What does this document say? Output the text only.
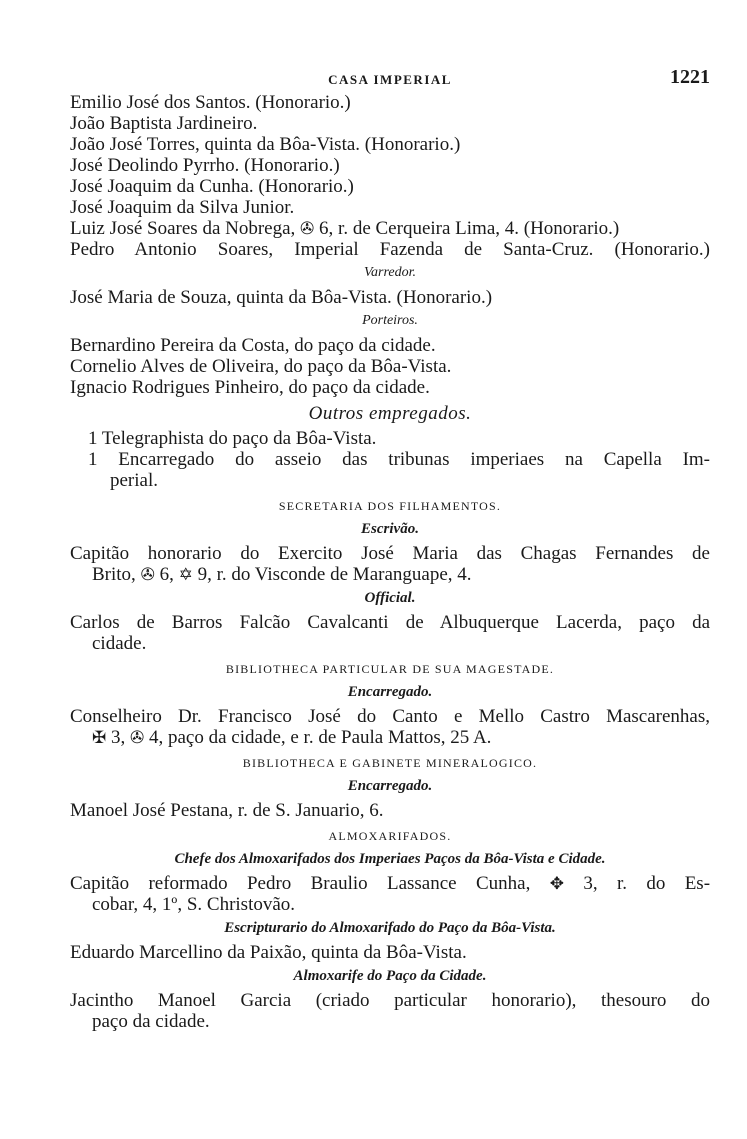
CASA IMPERIAL	1221
Emilio José dos Santos. (Honorario.)
João Baptista Jardineiro.
João José Torres, quinta da Bôa-Vista. (Honorario.)
José Deolindo Pyrrho. (Honorario.)
José Joaquim da Cunha. (Honorario.)
José Joaquim da Silva Junior.
Luiz José Soares da Nobrega, ✇ 6, r. de Cerqueira Lima, 4. (Honorario.)
Pedro Antonio Soares, Imperial Fazenda de Santa-Cruz. (Honorario.)
Varredor.
José Maria de Souza, quinta da Bôa-Vista. (Honorario.)
Porteiros.
Bernardino Pereira da Costa, do paço da cidade.
Cornelio Alves de Oliveira, do paço da Bôa-Vista.
Ignacio Rodrigues Pinheiro, do paço da cidade.
Outros empregados.
1 Telegraphista do paço da Bôa-Vista.
1 Encarregado do asseio das tribunas imperiaes na Capella Im-
perial.
SECRETARIA DOS FILHAMENTOS.
Escrivão.
Capitão honorario do Exercito José Maria das Chagas Fernandes de
Brito, ✇ 6, ✡ 9, r. do Visconde de Maranguape, 4.
Official.
Carlos de Barros Falcão Cavalcanti de Albuquerque Lacerda, paço da
cidade.
BIBLIOTHECA PARTICULAR DE SUA MAGESTADE.
Encarregado.
Conselheiro Dr. Francisco José do Canto e Mello Castro Mascarenhas,
✠ 3, ✇ 4, paço da cidade, e r. de Paula Mattos, 25 A.
BIBLIOTHECA E GABINETE MINERALOGICO.
Encarregado.
Manoel José Pestana, r. de S. Januario, 6.
ALMOXARIFADOS.
Chefe dos Almoxarifados dos Imperiaes Paços da Bôa-Vista e Cidade.
Capitão reformado Pedro Braulio Lassance Cunha, ✥ 3, r. do Es-
cobar, 4, 1º, S. Christovão.
Escripturario do Almoxarifado do Paço da Bôa-Vista.
Eduardo Marcellino da Paixão, quinta da Bôa-Vista.
Almoxarife do Paço da Cidade.
Jacintho Manoel Garcia (criado particular honorario), thesouro do
paço da cidade.
